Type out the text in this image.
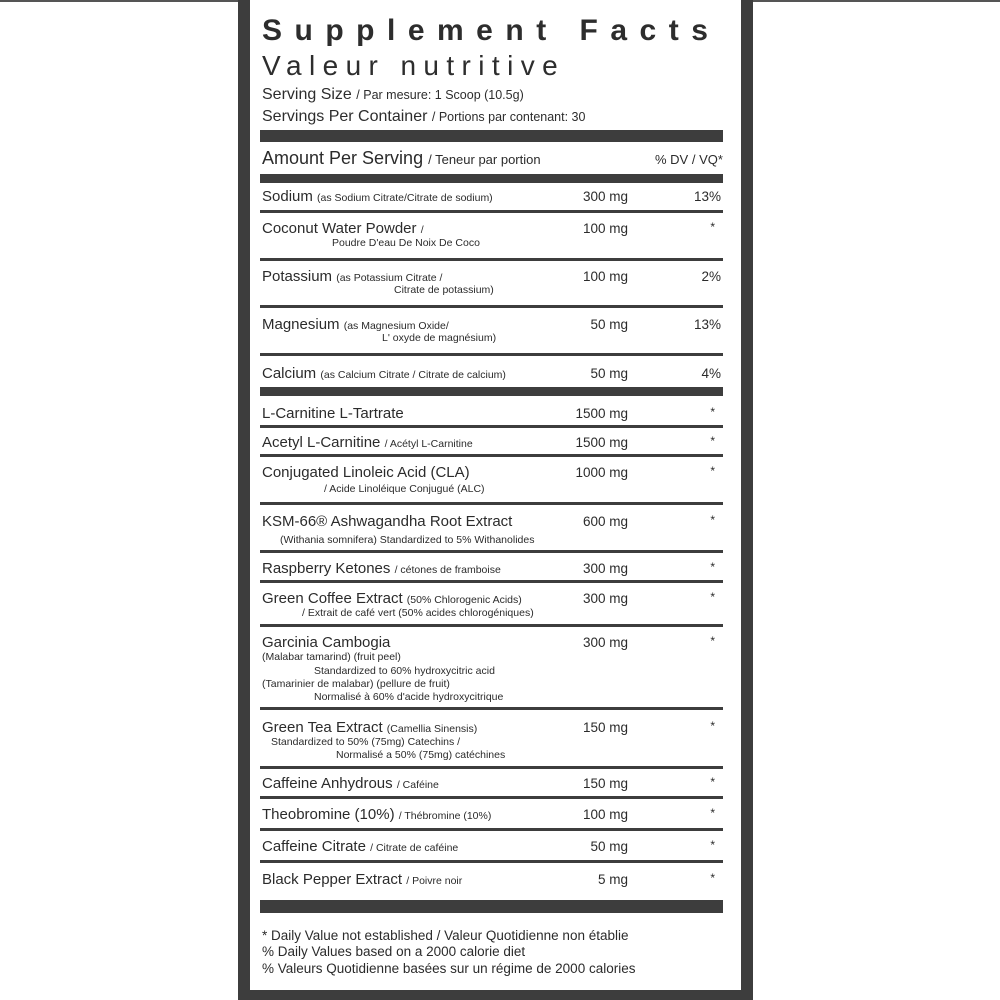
Supplement Facts
Valeur nutritive
Serving Size / Par mesure: 1 Scoop (10.5g)
Servings Per Container / Portions par contenant: 30
Amount Per Serving / Teneur par portion	% DV / VQ*
Sodium (as Sodium Citrate/Citrate de sodium)	300 mg	13%
Coconut Water Powder /
Poudre D'eau De Noix De Coco
100 mg	*
Potassium (as Potassium Citrate /
Citrate de potassium)
100 mg	2%
Magnesium (as Magnesium Oxide/
L' oxyde de magnésium)
50 mg	13%
Calcium (as Calcium Citrate / Citrate de calcium)	50 mg	4%
L-Carnitine L-Tartrate	1500 mg	*
Acetyl L-Carnitine / Acétyl L-Carnitine	1500 mg	*
Conjugated Linoleic Acid (CLA)
/ Acide Linoléique Conjugué (ALC)
1000 mg	*
KSM-66® Ashwagandha Root Extract
(Withania somnifera) Standardized to 5% Withanolides
600 mg	*
Raspberry Ketones / cétones de framboise	300 mg	*
Green Coffee Extract (50% Chlorogenic Acids)
/ Extrait de café vert (50% acides chlorogéniques)
300 mg	*
Garcinia Cambogia
(Malabar tamarind) (fruit peel)
Standardized to 60% hydroxycitric acid
(Tamarinier de malabar) (pellure de fruit)
Normalisé à 60% d'acide hydroxycitrique
300 mg	*
Green Tea Extract (Camellia Sinensis)
Standardized to 50% (75mg) Catechins /
Normalisé a 50% (75mg) catéchines
150 mg	*
Caffeine Anhydrous / Caféine	150 mg	*
Theobromine (10%) / Thébromine (10%)	100 mg	*
Caffeine Citrate / Citrate de caféine	50 mg	*
Black Pepper Extract / Poivre noir	5 mg	*
* Daily Value not established / Valeur Quotidienne non établie
% Daily Values based on a 2000 calorie diet
% Valeurs Quotidienne basées sur un régime de 2000 calories
